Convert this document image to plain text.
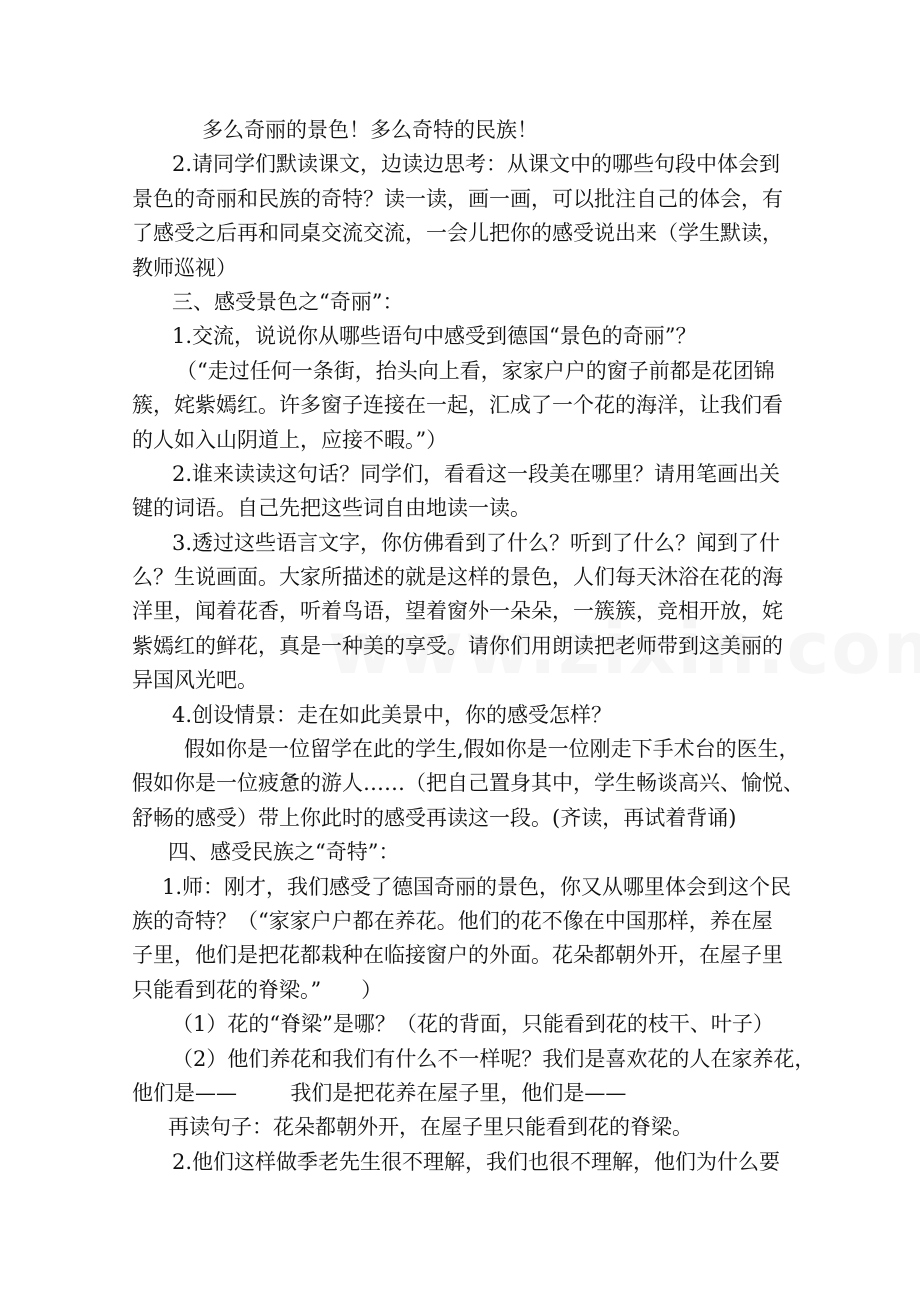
多么奇丽的景色！多么奇特的民族！
2.请同学们默读课文，边读边思考：从课文中的哪些句段中体会到
景色的奇丽和民族的奇特？读一读，画一画，可以批注自己的体会，有
了感受之后再和同桌交流交流，一会儿把你的感受说出来（学生默读，
教师巡视）
三、感受景色之“奇丽”：
1.交流，说说你从哪些语句中感受到德国“景色的奇丽”？
（“走过任何一条街，抬头向上看，家家户户的窗子前都是花团锦
簇，姹紫嫣红。许多窗子连接在一起，汇成了一个花的海洋，让我们看
的人如入山阴道上，应接不暇。”）
2.谁来读读这句话？同学们，看看这一段美在哪里？请用笔画出关
键的词语。自己先把这些词自由地读一读。
3.透过这些语言文字，你仿佛看到了什么？听到了什么？闻到了什
么？生说画面。大家所描述的就是这样的景色，人们每天沐浴在花的海
洋里，闻着花香，听着鸟语，望着窗外一朵朵，一簇簇，竞相开放，姹
紫嫣红的鲜花，真是一种美的享受。请你们用朗读把老师带到这美丽的
异国风光吧。
4.创设情景：走在如此美景中，你的感受怎样？
假如你是一位留学在此的学生,假如你是一位刚走下手术台的医生，
假如你是一位疲惫的游人……（把自己置身其中，学生畅谈高兴、愉悦、
舒畅的感受）带上你此时的感受再读这一段。(齐读，再试着背诵)
四、感受民族之“奇特”：
1.师：刚才，我们感受了德国奇丽的景色，你又从哪里体会到这个民
族的奇特？（“家家户户都在养花。他们的花不像在中国那样，养在屋
子里，他们是把花都栽种在临接窗户的外面。花朵都朝外开，在屋子里
只能看到花的脊梁。”      ）
（1）花的“脊梁”是哪？（花的背面，只能看到花的枝干、叶子）
（2）他们养花和我们有什么不一样呢？我们是喜欢花的人在家养花，
他们是——        我们是把花养在屋子里，他们是——
再读句子：花朵都朝外开，在屋子里只能看到花的脊梁。
2.他们这样做季老先生很不理解，我们也很不理解，他们为什么要
